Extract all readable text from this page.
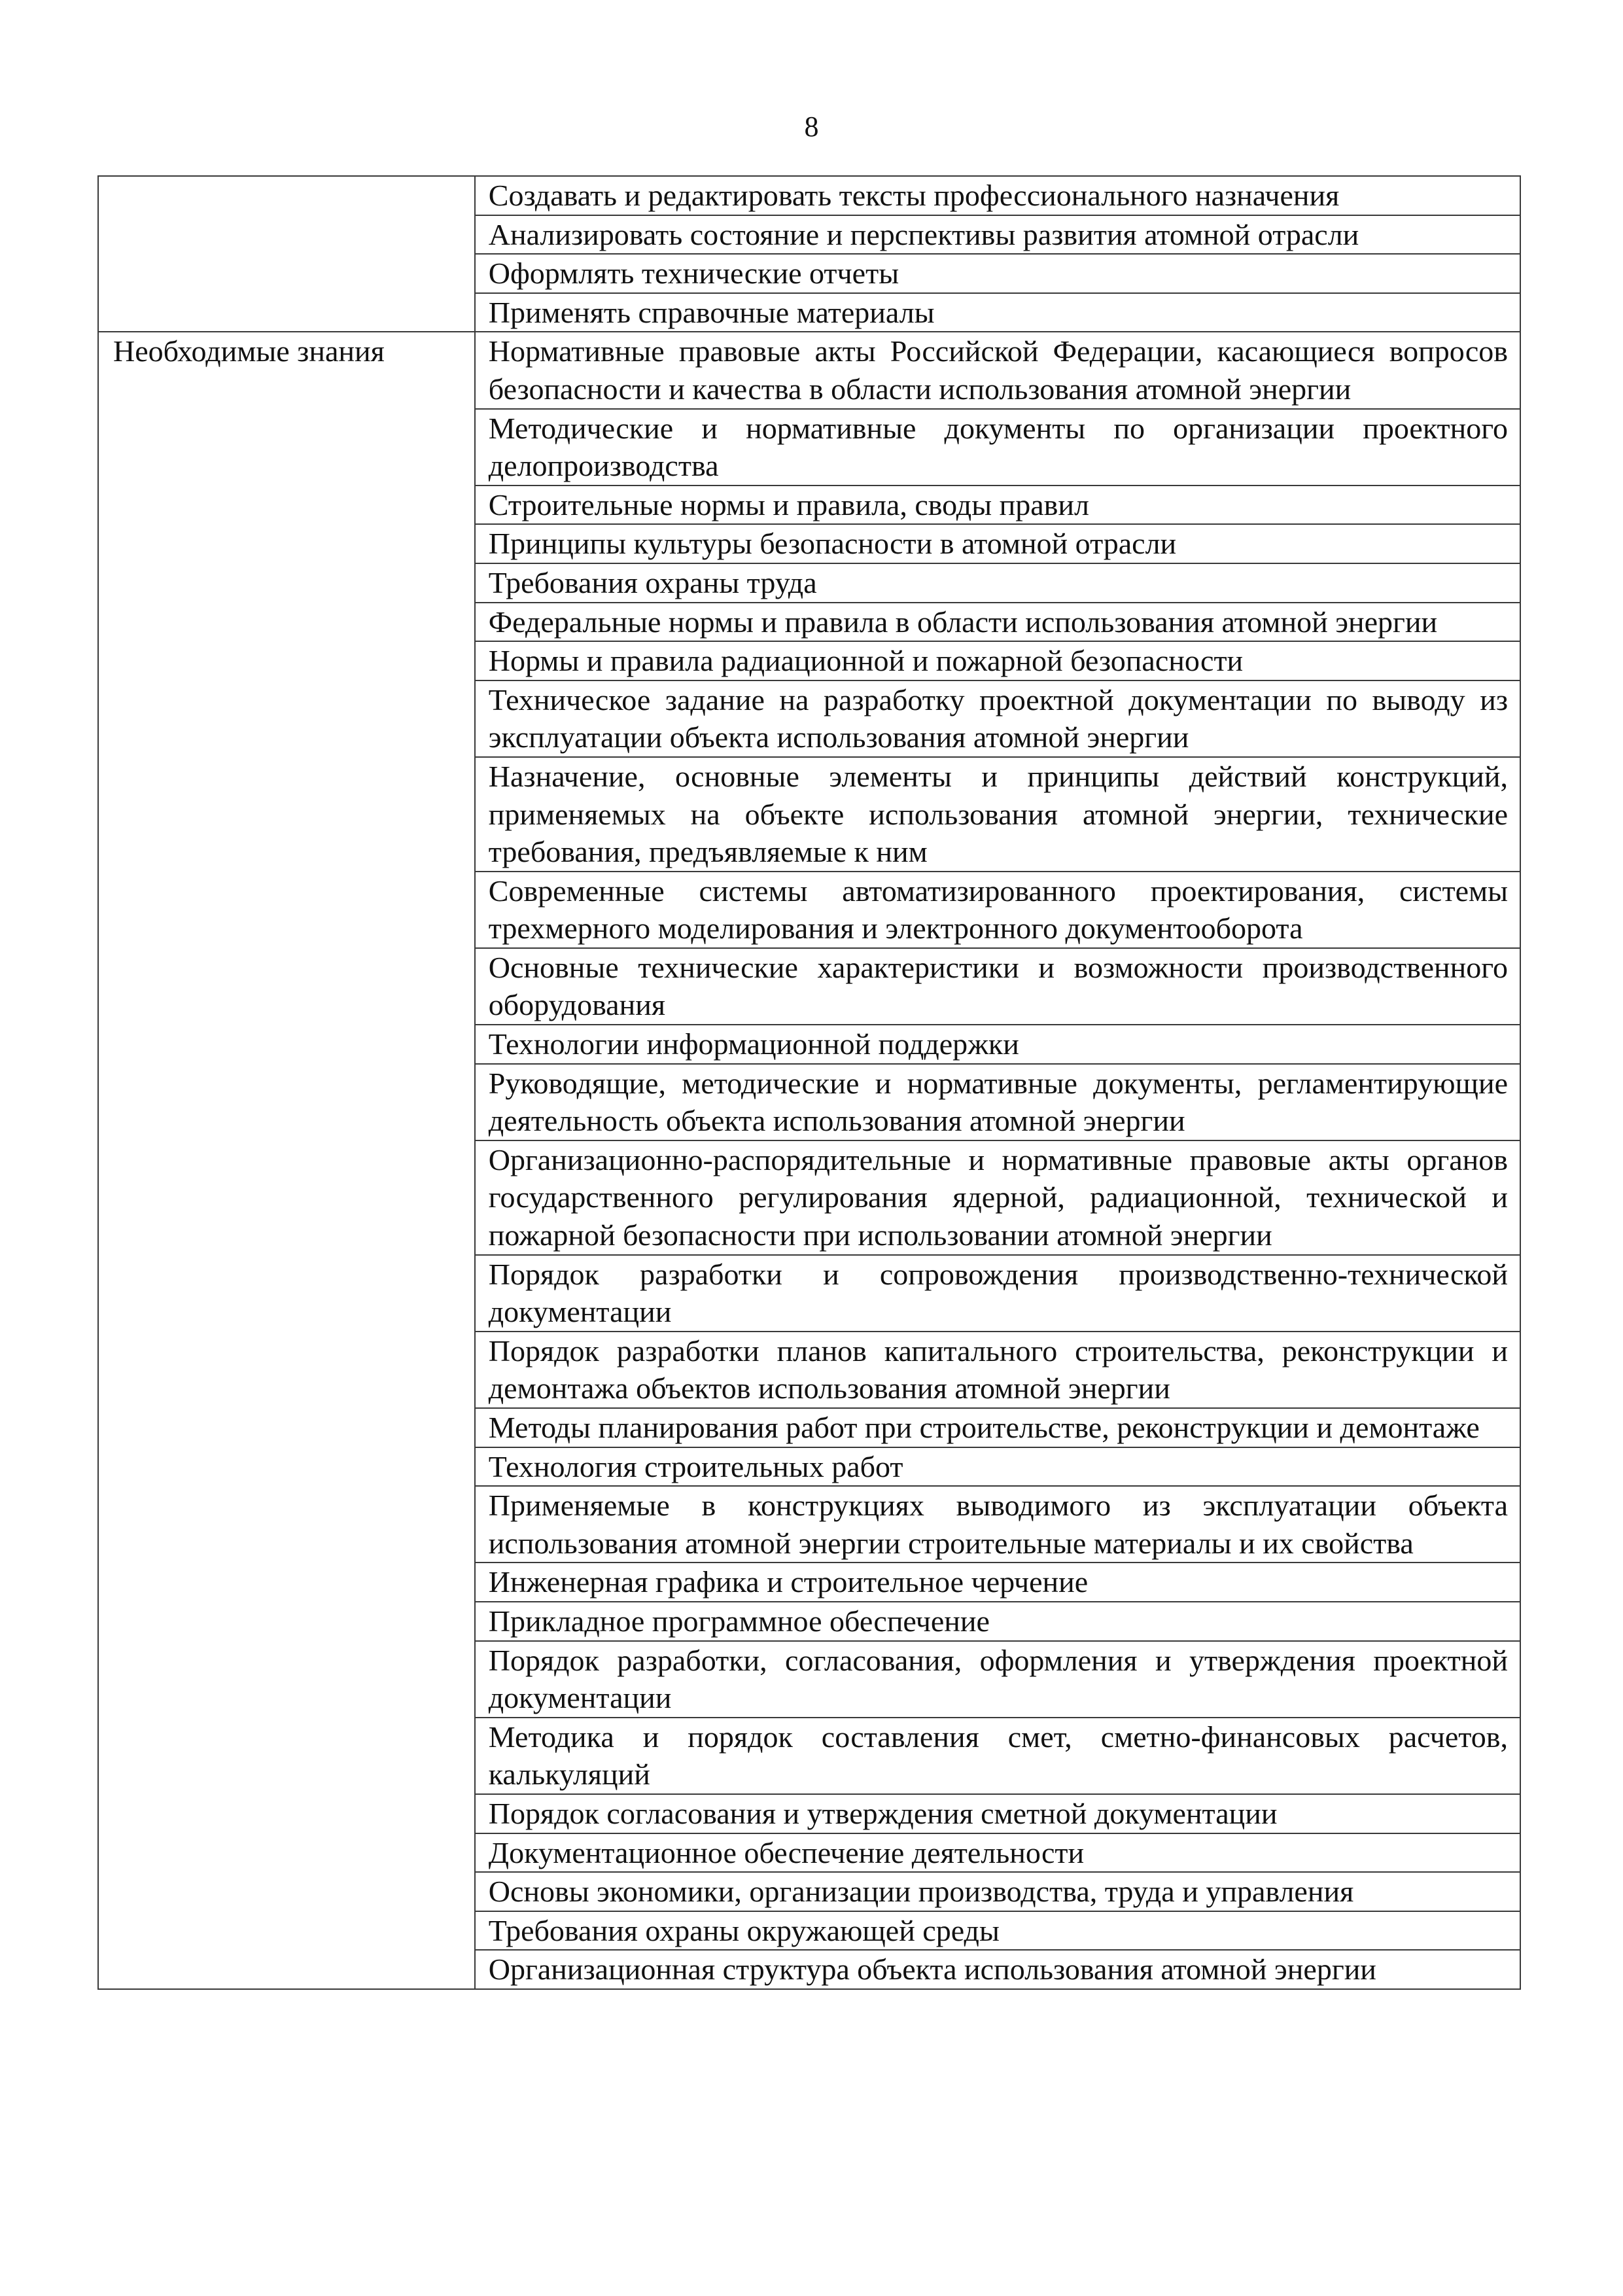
8
	Создавать и редактировать тексты профессионального назначения
	Анализировать состояние и перспективы развития атомной отрасли
	Оформлять технические отчеты
	Применять справочные материалы
Необходимые знания	Нормативные правовые акты Российской Федерации, касающиеся вопросов безопасности и качества в области использования атомной энергии
	Методические и нормативные документы по организации проектного делопроизводства
	Строительные нормы и правила, своды правил
	Принципы культуры безопасности в атомной отрасли
	Требования охраны труда
	Федеральные нормы и правила в области использования атомной энергии
	Нормы и правила радиационной и пожарной безопасности
	Техническое задание на разработку проектной документации по выводу из эксплуатации объекта использования атомной энергии
	Назначение, основные элементы и принципы действий конструкций, применяемых на объекте использования атомной энергии, технические требования, предъявляемые к ним
	Современные системы автоматизированного проектирования, системы трехмерного моделирования и электронного документооборота
	Основные технические характеристики и возможности производственного оборудования
	Технологии информационной поддержки
	Руководящие, методические и нормативные документы, регламентирующие деятельность объекта использования атомной энергии
	Организационно-распорядительные и нормативные правовые акты органов государственного регулирования ядерной, радиационной, технической и пожарной безопасности при использовании атомной энергии
	Порядок разработки и сопровождения производственно-технической документации
	Порядок разработки планов капитального строительства, реконструкции и демонтажа объектов использования атомной энергии
	Методы планирования работ при строительстве, реконструкции и демонтаже
	Технология строительных работ
	Применяемые в конструкциях выводимого из эксплуатации объекта использования атомной энергии строительные материалы и их свойства
	Инженерная графика и строительное черчение
	Прикладное программное обеспечение
	Порядок разработки, согласования, оформления и утверждения проектной документации
	Методика и порядок составления смет, сметно-финансовых расчетов, калькуляций
	Порядок согласования и утверждения сметной документации
	Документационное обеспечение деятельности
	Основы экономики, организации производства, труда и управления
	Требования охраны окружающей среды
	Организационная структура объекта использования атомной энергии
